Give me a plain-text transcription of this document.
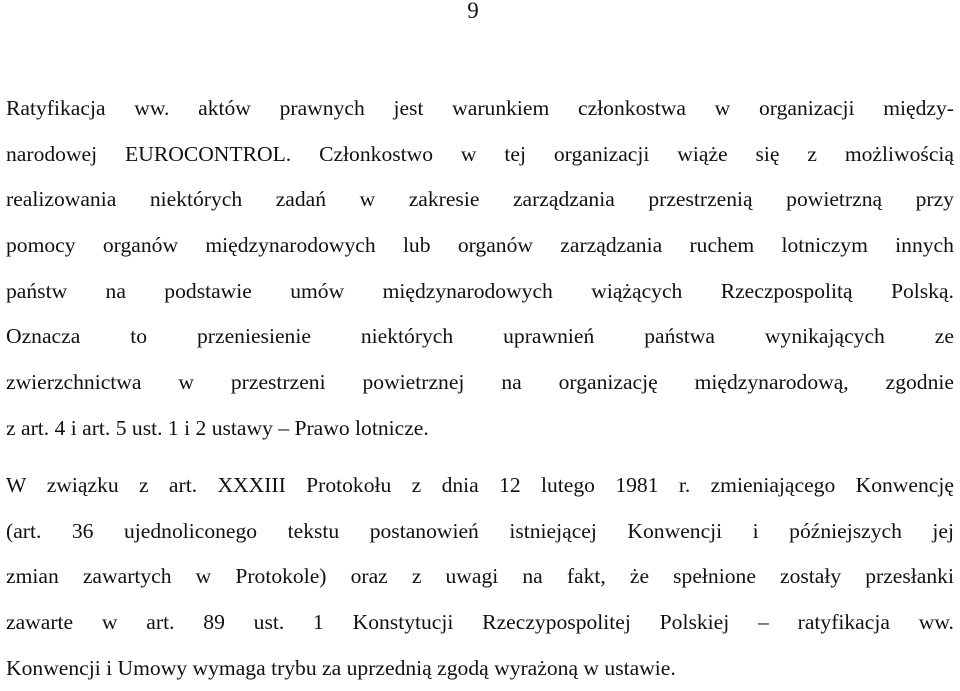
9
Ratyfikacja ww. aktów prawnych jest warunkiem członkostwa w organizacji między-
narodowej EUROCONTROL. Członkostwo w tej organizacji wiąże się z możliwością
realizowania niektórych zadań w zakresie zarządzania przestrzenią powietrzną przy
pomocy organów międzynarodowych lub organów zarządzania ruchem lotniczym innych
państw na podstawie umów międzynarodowych wiążących Rzeczpospolitą Polską.
Oznacza to przeniesienie niektórych uprawnień państwa wynikających ze
zwierzchnictwa w przestrzeni powietrznej na organizację międzynarodową, zgodnie
z art. 4 i art. 5 ust. 1 i 2 ustawy – Prawo lotnicze.
W związku z art. XXXIII Protokołu z dnia 12 lutego 1981 r. zmieniającego Konwencję
(art. 36 ujednoliconego tekstu postanowień istniejącej Konwencji i późniejszych jej
zmian zawartych w Protokole) oraz z uwagi na fakt, że spełnione zostały przesłanki
zawarte w art. 89 ust. 1 Konstytucji Rzeczypospolitej Polskiej – ratyfikacja ww.
Konwencji i Umowy wymaga trybu za uprzednią zgodą wyrażoną w ustawie.
